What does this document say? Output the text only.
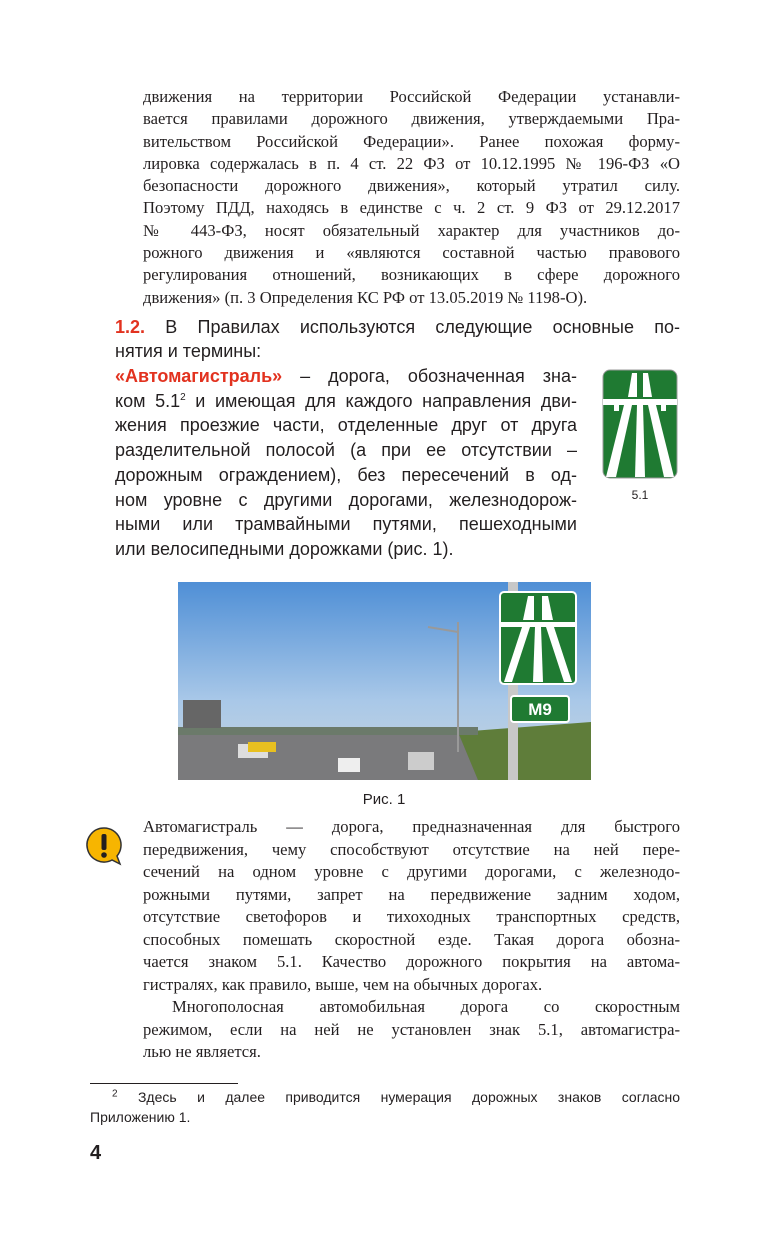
движения на территории Российской Федерации устанавли-
вается правилами дорожного движения, утверждаемыми Пра-
вительством Российской Федерации». Ранее похожая форму-
лировка содержалась в п. 4 ст. 22 ФЗ от 10.12.1995 № 196-ФЗ «О
безопасности дорожного движения», который утратил силу.
Поэтому ПДД, находясь в единстве с ч. 2 ст. 9 ФЗ от 29.12.2017
№ 443-ФЗ, носят обязательный характер для участников до-
рожного движения и «являются составной частью правового
регулирования отношений, возникающих в сфере дорожного
движения» (п. 3 Определения КС РФ от 13.05.2019 № 1198-О).
1.2. В Правилах используются следующие основные по-
нятия и термины:
«Автомагистраль» – дорога, обозначенная зна-
ком $5.1^2$ и имеющая для каждого направления дви-
жения проезжие части, отделенные друг от друга
разделительной полосой (а при ее отсутствии –
дорожным ограждением), без пересечений в од-
ном уровне с другими дорогами, железнодорож-
ными или трамвайными путями, пешеходными
или велосипедными дорожками (рис. 1).
5.1
M9
Рис. 1
Автомагистраль — дорога, предназначенная для быстрого
передвижения, чему способствуют отсутствие на ней пере-
сечений на одном уровне с другими дорогами, с железнодо-
рожными путями, запрет на передвижение задним ходом,
отсутствие светофоров и тихоходных транспортных средств,
способных помешать скоростной езде. Такая дорога обозна-
чается знаком 5.1. Качество дорожного покрытия на автома-
гистралях, как правило, выше, чем на обычных дорогах.
Многополосная автомобильная дорога со скоростным
режимом, если на ней не установлен знак 5.1, автомагистра-
лью не является.
$^2$ Здесь и далее приводится нумерация дорожных знаков согласно
Приложению 1.
4
